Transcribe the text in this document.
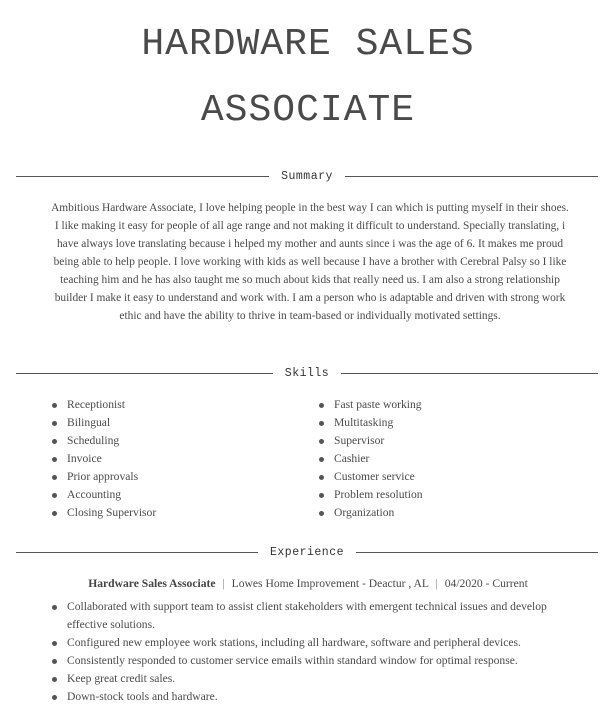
HARDWARE SALES
ASSOCIATE
Summary

Ambitious Hardware Associate, I love helping people in the best way I can which is putting myself in their shoes. I like making it easy for people of all age range and not making it difficult to understand. Specially translating, i have always love translating because i helped my mother and aunts since i was the age of 6. It makes me proud being able to help people. I love working with kids as well because I have a brother with Cerebral Palsy so I like teaching him and he has also taught me so much about kids that really need us. I am also a strong relationship builder I make it easy to understand and work with. I am a person who is adaptable and driven with strong work ethic and have the ability to thrive in team-based or individually motivated settings.

Skills
Receptionist
Bilingual
Scheduling
Invoice
Prior approvals
Accounting
Closing Supervisor
Fast paste working
Multitasking
Supervisor
Cashier
Customer service
Problem resolution
Organization
Experience
Hardware Sales Associate | Lowes Home Improvement - Deactur , AL | 04/2020 - Current
Collaborated with support team to assist client stakeholders with emergent technical issues and develop effective solutions.
Configured new employee work stations, including all hardware, software and peripheral devices.
Consistently responded to customer service emails within standard window for optimal response.
Keep great credit sales.
Down-stock tools and hardware.
